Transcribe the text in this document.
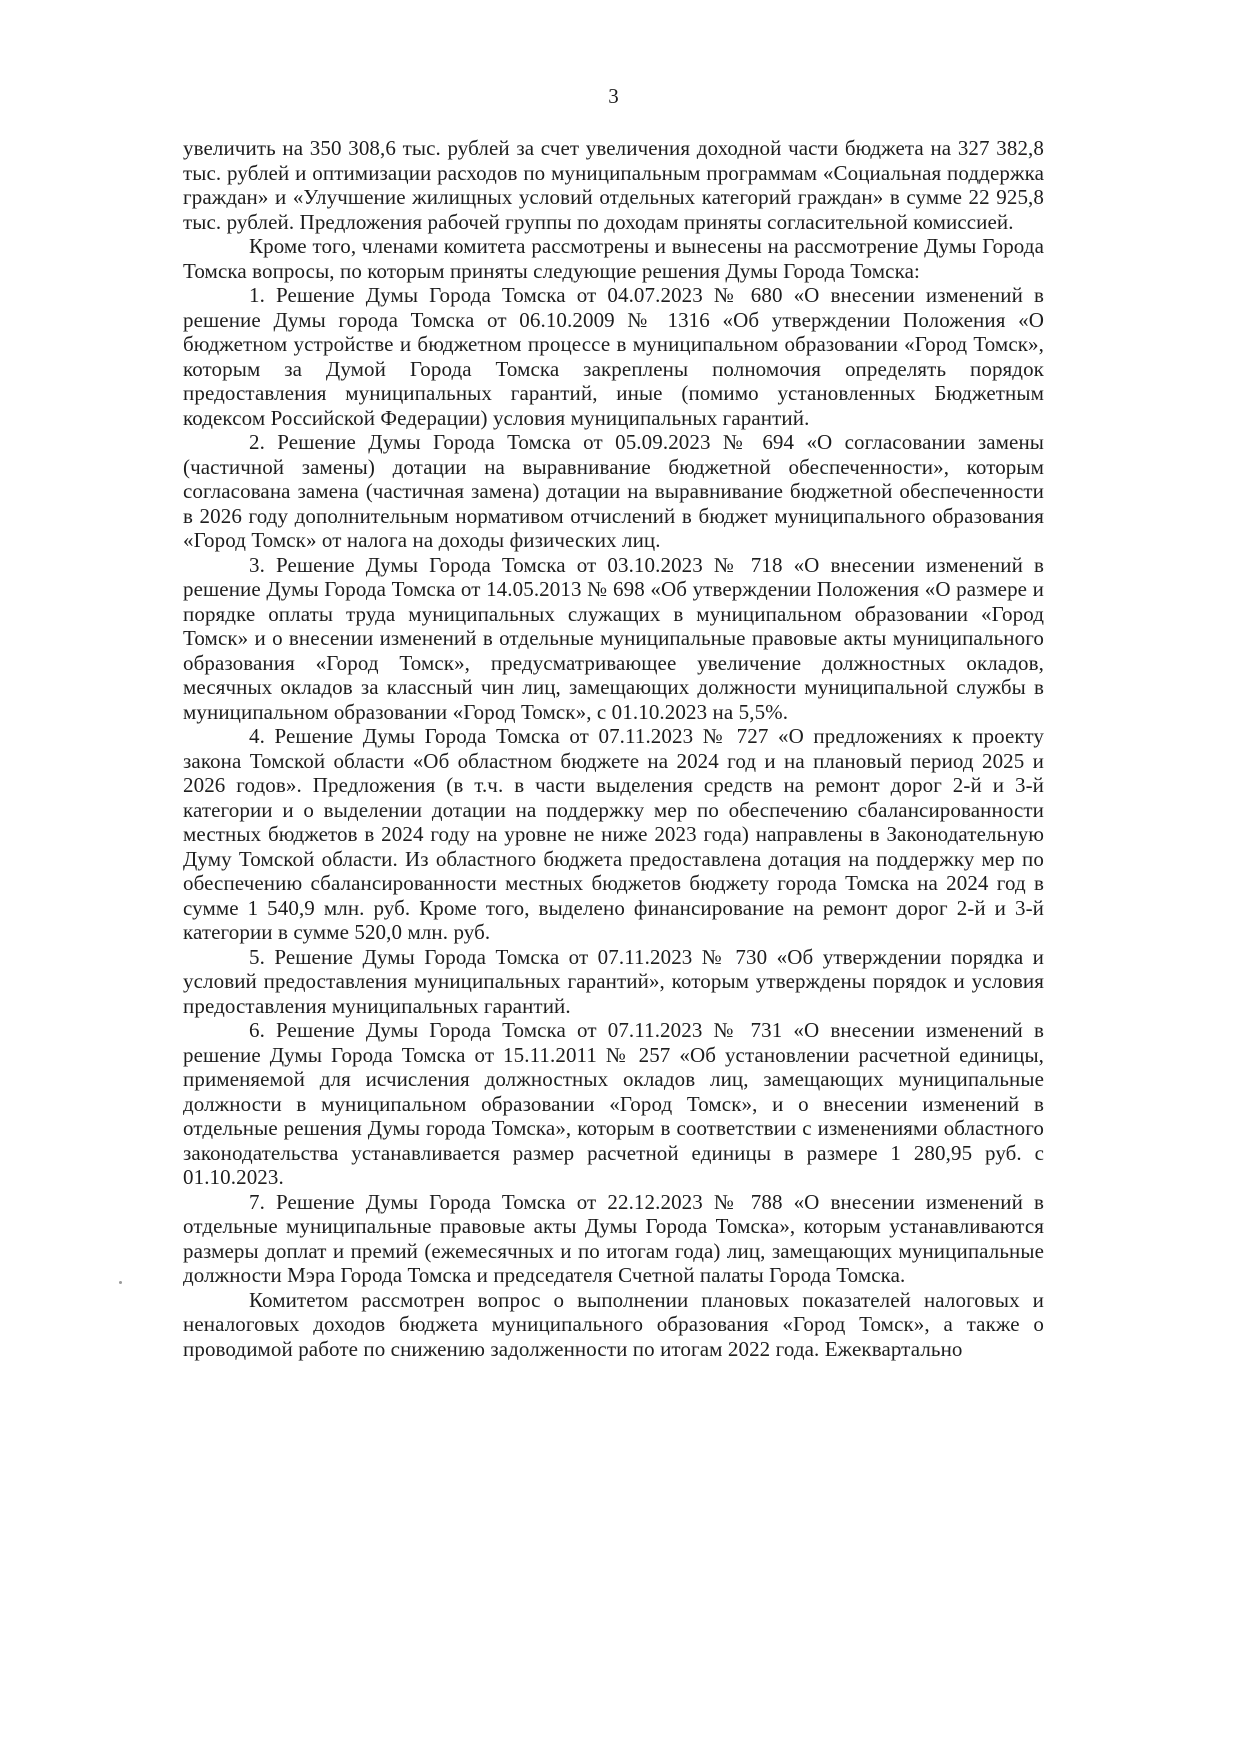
3

увеличить на 350 308,6 тыс. рублей за счет увеличения доходной части бюджета на 327 382,8 тыс. рублей и оптимизации расходов по муниципальным программам «Социальная поддержка граждан» и «Улучшение жилищных условий отдельных категорий граждан» в сумме 22 925,8 тыс. рублей. Предложения рабочей группы по доходам приняты согласительной комиссией.

Кроме того, членами комитета рассмотрены и вынесены на рассмотрение Думы Города Томска вопросы, по которым приняты следующие решения Думы Города Томска:

1. Решение Думы Города Томска от 04.07.2023 № 680 «О внесении изменений в решение Думы города Томска от 06.10.2009 № 1316 «Об утверждении Положения «О бюджетном устройстве и бюджетном процессе в муниципальном образовании «Город Томск», которым за Думой Города Томска закреплены полномочия определять порядок предоставления муниципальных гарантий, иные (помимо установленных Бюджетным кодексом Российской Федерации) условия муниципальных гарантий.

2. Решение Думы Города Томска от 05.09.2023 № 694 «О согласовании замены (частичной замены) дотации на выравнивание бюджетной обеспеченности», которым согласована замена (частичная замена) дотации на выравнивание бюджетной обеспеченности в 2026 году дополнительным нормативом отчислений в бюджет муниципального образования «Город Томск» от налога на доходы физических лиц.

3. Решение Думы Города Томска от 03.10.2023 № 718 «О внесении изменений в решение Думы Города Томска от 14.05.2013 № 698 «Об утверждении Положения «О размере и порядке оплаты труда муниципальных служащих в муниципальном образовании «Город Томск» и о внесении изменений в отдельные муниципальные правовые акты муниципального образования «Город Томск», предусматривающее увеличение должностных окладов, месячных окладов за классный чин лиц, замещающих должности муниципальной службы в муниципальном образовании «Город Томск», с 01.10.2023 на 5,5%.

4. Решение Думы Города Томска от 07.11.2023 № 727 «О предложениях к проекту закона Томской области «Об областном бюджете на 2024 год и на плановый период 2025 и 2026 годов». Предложения (в т.ч. в части выделения средств на ремонт дорог 2-й и 3-й категории и о выделении дотации на поддержку мер по обеспечению сбалансированности местных бюджетов в 2024 году на уровне не ниже 2023 года) направлены в Законодательную Думу Томской области. Из областного бюджета предоставлена дотация на поддержку мер по обеспечению сбалансированности местных бюджетов бюджету города Томска на 2024 год в сумме 1 540,9 млн. руб. Кроме того, выделено финансирование на ремонт дорог 2-й и 3-й категории в сумме 520,0 млн. руб.

5. Решение Думы Города Томска от 07.11.2023 № 730 «Об утверждении порядка и условий предоставления муниципальных гарантий», которым утверждены порядок и условия предоставления муниципальных гарантий.

6. Решение Думы Города Томска от 07.11.2023 № 731 «О внесении изменений в решение Думы Города Томска от 15.11.2011 № 257 «Об установлении расчетной единицы, применяемой для исчисления должностных окладов лиц, замещающих муниципальные должности в муниципальном образовании «Город Томск», и о внесении изменений в отдельные решения Думы города Томска», которым в соответствии с изменениями областного законодательства устанавливается размер расчетной единицы в размере 1 280,95 руб. с 01.10.2023.

7. Решение Думы Города Томска от 22.12.2023 № 788 «О внесении изменений в отдельные муниципальные правовые акты Думы Города Томска», которым устанавливаются размеры доплат и премий (ежемесячных и по итогам года) лиц, замещающих муниципальные должности Мэра Города Томска и председателя Счетной палаты Города Томска.

Комитетом рассмотрен вопрос о выполнении плановых показателей налоговых и неналоговых доходов бюджета муниципального образования «Город Томск», а также о проводимой работе по снижению задолженности по итогам 2022 года. Ежеквартально
